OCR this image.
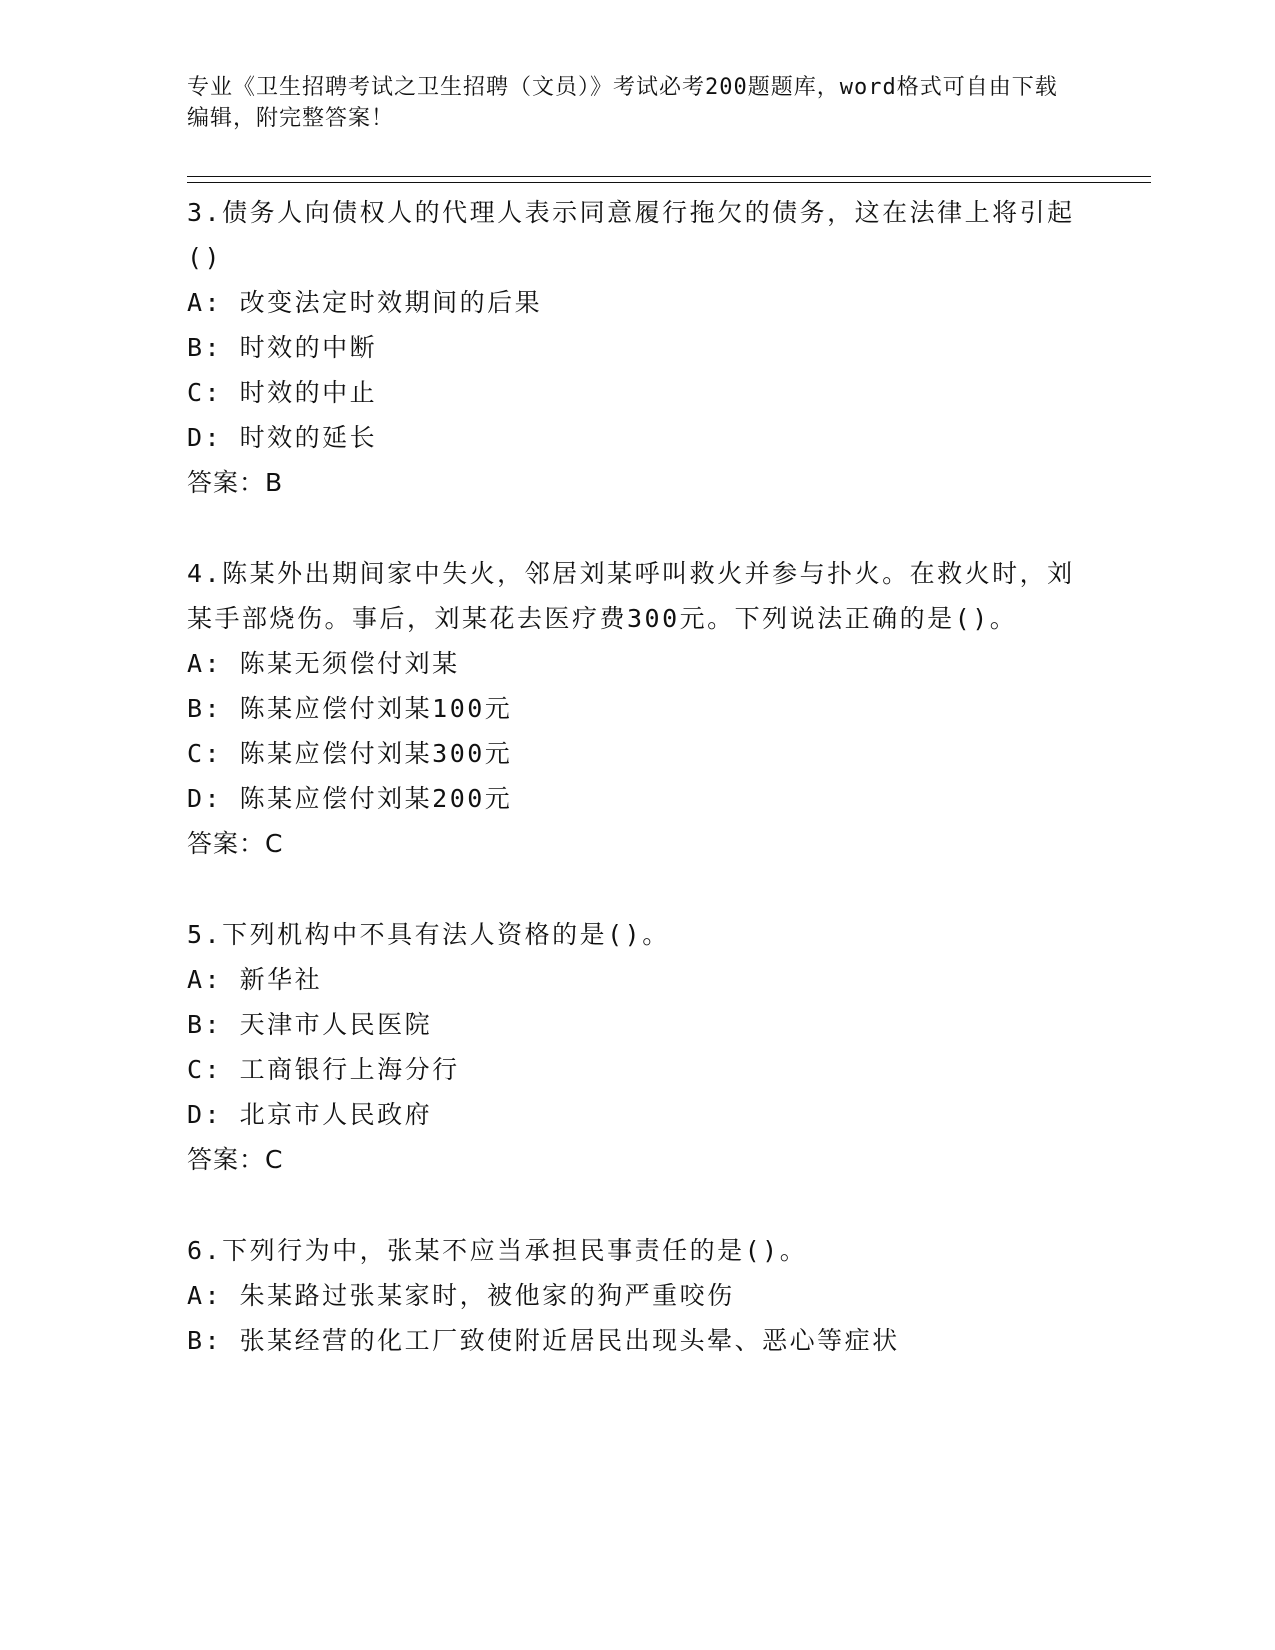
专业《卫生招聘考试之卫生招聘（文员）》考试必考200题题库，word格式可自由下载编辑，附完整答案！
3.债务人向债权人的代理人表示同意履行拖欠的债务，这在法律上将引起()
A: 改变法定时效期间的后果
B: 时效的中断
C: 时效的中止
D: 时效的延长
答案：B
4.陈某外出期间家中失火，邻居刘某呼叫救火并参与扑火。在救火时，刘某手部烧伤。事后，刘某花去医疗费300元。下列说法正确的是()。
A: 陈某无须偿付刘某
B: 陈某应偿付刘某100元
C: 陈某应偿付刘某300元
D: 陈某应偿付刘某200元
答案：C
5.下列机构中不具有法人资格的是()。
A: 新华社
B: 天津市人民医院
C: 工商银行上海分行
D: 北京市人民政府
答案：C
6.下列行为中，张某不应当承担民事责任的是()。
A: 朱某路过张某家时，被他家的狗严重咬伤
B: 张某经营的化工厂致使附近居民出现头晕、恶心等症状
